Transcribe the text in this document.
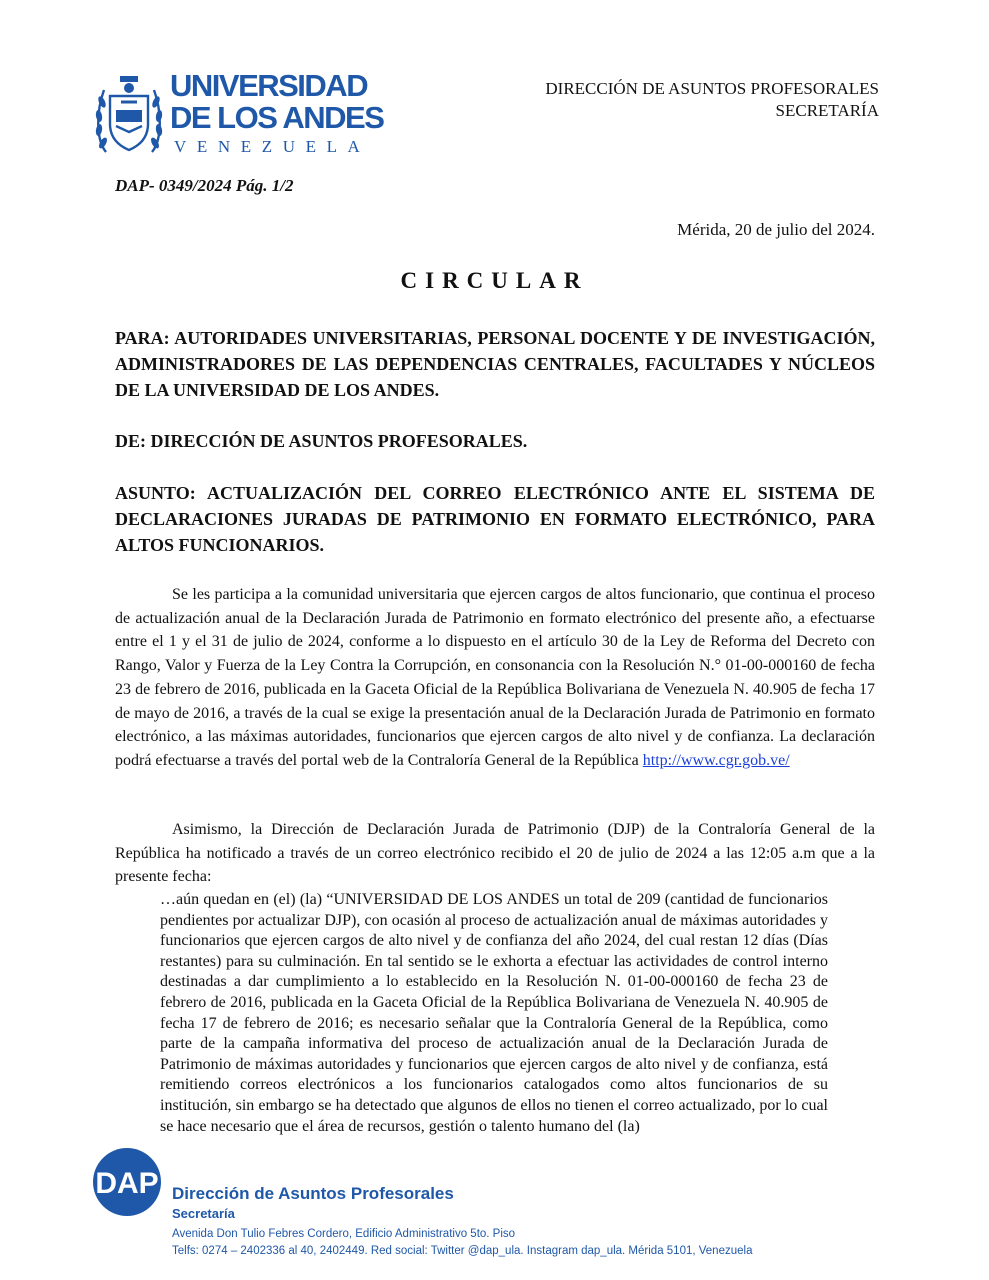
UNIVERSIDAD
DE LOS ANDES
VENEZUELA
DIRECCIÓN DE ASUNTOS PROFESORALES
SECRETARÍA
DAP- 0349/2024 Pág. 1/2
Mérida, 20 de julio del 2024.
CIRCULAR
PARA: AUTORIDADES UNIVERSITARIAS, PERSONAL DOCENTE Y DE INVESTIGACIÓN, ADMINISTRADORES DE LAS DEPENDENCIAS CENTRALES, FACULTADES Y NÚCLEOS DE LA UNIVERSIDAD DE LOS ANDES.
DE: DIRECCIÓN DE ASUNTOS PROFESORALES.
ASUNTO: ACTUALIZACIÓN DEL CORREO ELECTRÓNICO ANTE EL SISTEMA DE DECLARACIONES JURADAS DE PATRIMONIO EN FORMATO ELECTRÓNICO, PARA ALTOS FUNCIONARIOS.
Se les participa a la comunidad universitaria que ejercen cargos de altos funcionario, que continua el proceso de actualización anual de la Declaración Jurada de Patrimonio en formato electrónico del presente año, a efectuarse entre el 1 y el 31 de julio de 2024, conforme a lo dispuesto en el artículo 30 de la Ley de Reforma del Decreto con Rango, Valor y Fuerza de la Ley Contra la Corrupción, en consonancia con la Resolución N.° 01-00-000160 de fecha 23 de febrero de 2016, publicada en la Gaceta Oficial de la República Bolivariana de Venezuela N. 40.905 de fecha 17 de mayo de 2016, a través de la cual se exige la presentación anual de la Declaración Jurada de Patrimonio en formato electrónico, a las máximas autoridades, funcionarios que ejercen cargos de alto nivel y de confianza. La declaración podrá efectuarse a través del portal web de la Contraloría General de la República http://www.cgr.gob.ve/
Asimismo, la Dirección de Declaración Jurada de Patrimonio (DJP) de la Contraloría General de la República ha notificado a través de un correo electrónico recibido el 20 de julio de 2024 a las 12:05 a.m que a la presente fecha:
…aún quedan en (el) (la) “UNIVERSIDAD DE LOS ANDES un total de 209 (cantidad de funcionarios pendientes por actualizar DJP), con ocasión al proceso de actualización anual de máximas autoridades y funcionarios que ejercen cargos de alto nivel y de confianza del año 2024, del cual restan 12 días (Días restantes) para su culminación. En tal sentido se le exhorta a efectuar las actividades de control interno destinadas a dar cumplimiento a lo establecido en la Resolución N. 01-00-000160 de fecha 23 de febrero de 2016, publicada en la Gaceta Oficial de la República Bolivariana de Venezuela N. 40.905 de fecha 17 de febrero de 2016; es necesario señalar que la Contraloría General de la República, como parte de la campaña informativa del proceso de actualización anual de la Declaración Jurada de Patrimonio de máximas autoridades y funcionarios que ejercen cargos de alto nivel y de confianza, está remitiendo correos electrónicos a los funcionarios catalogados como altos funcionarios de su institución, sin embargo se ha detectado que algunos de ellos no tienen el correo actualizado, por lo cual se hace necesario que el área de recursos, gestión o talento humano del (la)
DAP Dirección de Asuntos Profesorales
Secretaría
Avenida Don Tulio Febres Cordero, Edificio Administrativo 5to. Piso
Telfs: 0274 – 2402336 al 40, 2402449. Red social: Twitter @dap_ula. Instagram dap_ula. Mérida 5101, Venezuela
